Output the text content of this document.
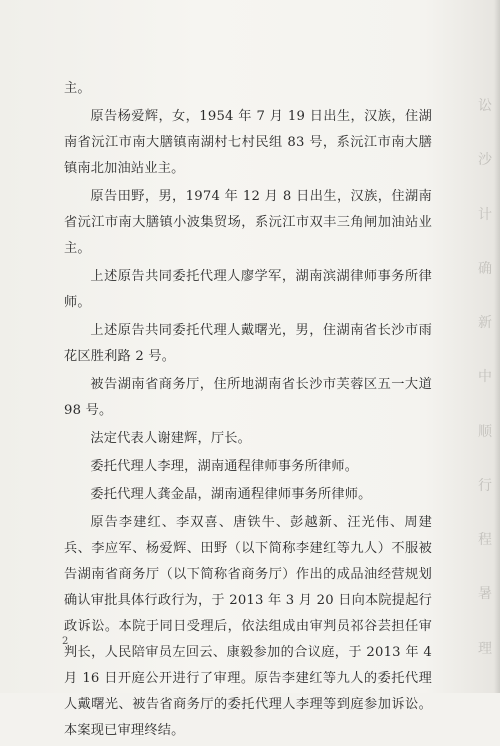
主。

原告杨爱辉，女，1954 年 7 月 19 日出生，汉族，住湖南省沅江市南大膳镇南湖村七村民组 83 号，系沅江市南大膳镇南北加油站业主。

原告田野，男，1974 年 12 月 8 日出生，汉族，住湖南省沅江市南大膳镇小波集贸场，系沅江市双丰三角闸加油站业主。

上述原告共同委托代理人廖学军，湖南滨湖律师事务所律师。

上述原告共同委托代理人戴曙光，男，住湖南省长沙市雨花区胜利路 2 号。

被告湖南省商务厅，住所地湖南省长沙市芙蓉区五一大道 98 号。

法定代表人谢建辉，厅长。

委托代理人李理，湖南通程律师事务所律师。

委托代理人龚金晶，湖南通程律师事务所律师。

原告李建红、李双喜、唐铁牛、彭越新、汪光伟、周建兵、李应军、杨爱辉、田野（以下简称李建红等九人）不服被告湖南省商务厅（以下简称省商务厅）作出的成品油经营规划确认审批具体行政行为，于 2013 年 3 月 20 日向本院提起行政诉讼。本院于同日受理后，依法组成由审判员祁谷芸担任审判长，人民陪审员左回云、康毅参加的合议庭，于 2013 年 4 月 16 日开庭公开进行了审理。原告李建红等九人的委托代理人戴曙光、被告省商务厅的委托代理人李理等到庭参加诉讼。本案现已审理终结。

2
讼
沙
计
确
新
中
顺
行
程
暑
理
